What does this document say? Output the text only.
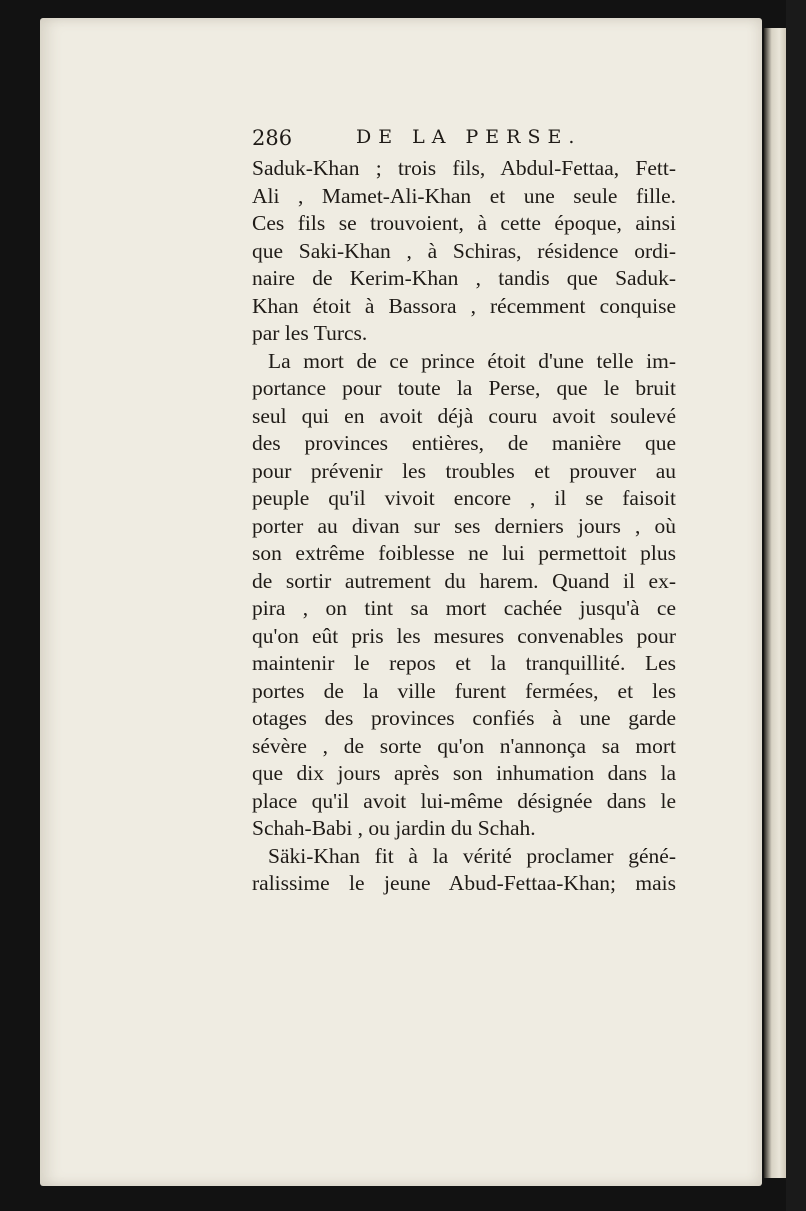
286	DE LA PERSE.
Saduk-Khan ; trois fils, Abdul-Fettaa, Fett-
Ali , Mamet-Ali-Khan et une seule fille.
Ces fils se trouvoient, à cette époque, ainsi
que Saki-Khan , à Schiras, résidence ordi-
naire de Kerim-Khan , tandis que Saduk-
Khan étoit à Bassora , récemment conquise
par les Turcs.
La mort de ce prince étoit d'une telle im-
portance pour toute la Perse, que le bruit
seul qui en avoit déjà couru avoit soulevé
des provinces entières, de manière que
pour prévenir les troubles et prouver au
peuple qu'il vivoit encore , il se faisoit
porter au divan sur ses derniers jours , où
son extrême foiblesse ne lui permettoit plus
de sortir autrement du harem. Quand il ex-
pira , on tint sa mort cachée jusqu'à ce
qu'on eût pris les mesures convenables pour
maintenir le repos et la tranquillité. Les
portes de la ville furent fermées, et les
otages des provinces confiés à une garde
sévère , de sorte qu'on n'annonça sa mort
que dix jours après son inhumation dans la
place qu'il avoit lui-même désignée dans le
Schah-Babi , ou jardin du Schah.
Säki-Khan fit à la vérité proclamer géné-
ralissime le jeune Abud-Fettaa-Khan; mais
